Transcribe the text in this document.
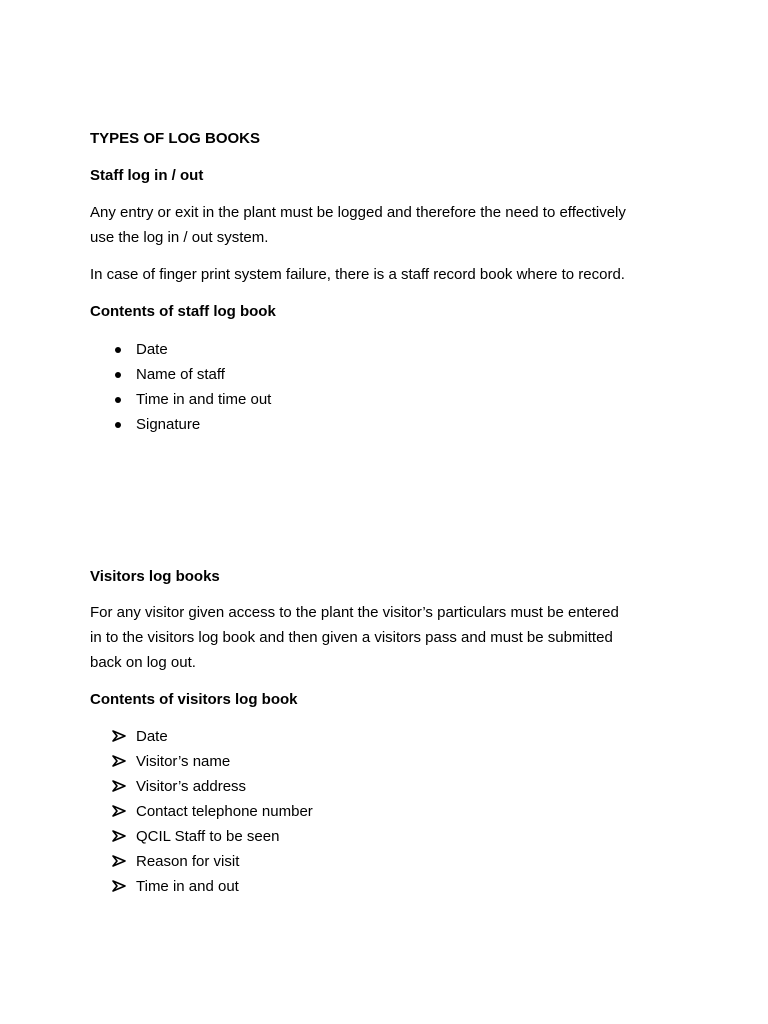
TYPES OF LOG BOOKS

Staff log in / out

Any entry or exit in the plant must be logged and therefore the need to effectively

use the log in / out system.

In case of finger print system failure, there is a staff record book where to record.

Contents of staff log book

Date
Name of staff
Time in and time out
Signature

Visitors log books

For any visitor given access to the plant the visitor’s particulars must be entered

in to the visitors log book and then given a visitors pass and must be submitted

back on log out.

Contents of visitors log book

Date
Visitor’s name
Visitor’s address
Contact telephone number
QCIL Staff to be seen
Reason for visit
Time in and out
